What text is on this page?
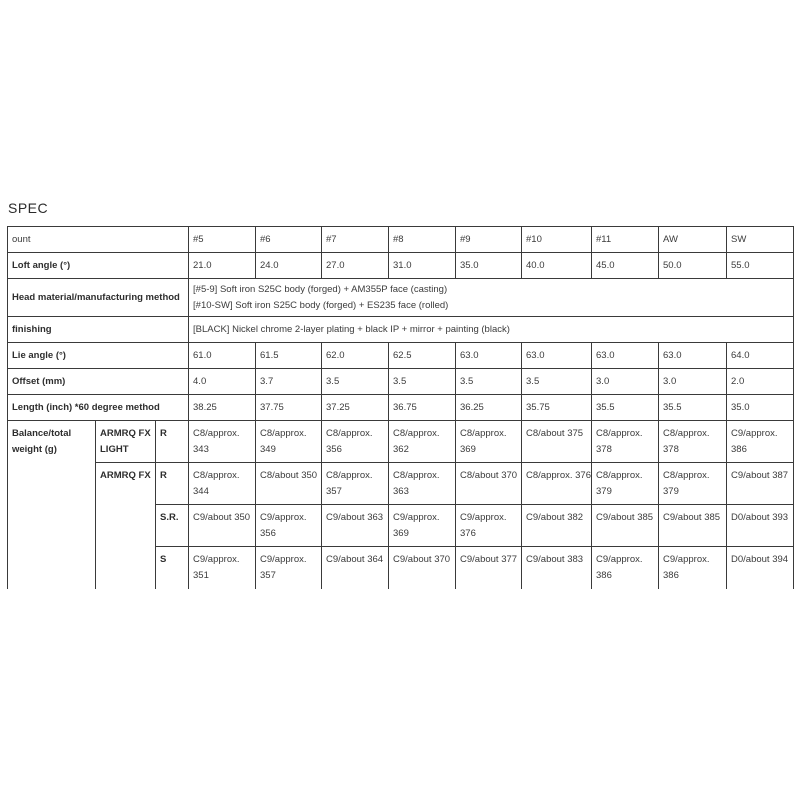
SPEC
ount			#5	#6	#7	#8	#9	#10	#11	AW	SW
Loft angle (°)			21.0	24.0	27.0	31.0	35.0	40.0	45.0	50.0	55.0
Head material/manufacturing method			[#5-9] Soft iron S25C body (forged) + AM355P face (casting)
[#10-SW] Soft iron S25C body (forged) + ES235 face (rolled)								

finishing			[BLACK] Nickel chrome 2-layer plating + black IP + mirror + painting (black)								
Lie angle (°)			61.0	61.5	62.0	62.5	63.0	63.0	63.0	63.0	64.0
Offset (mm)			4.0	3.7	3.5	3.5	3.5	3.5	3.0	3.0	2.0
Length (inch) *60 degree method			38.25	37.75	37.25	36.75	36.25	35.75	35.5	35.5	35.0
Balance/total weight (g)	ARMRQ FX LIGHT	R	C8/approx. 343	C8/approx. 349	C8/approx. 356	C8/approx. 362	C8/approx. 369	C8/about 375	C8/approx. 378	C8/approx. 378	C9/approx. 386
	ARMRQ FX	R	C8/approx. 344	C8/about 350	C8/approx. 357	C8/approx. 363	C8/about 370	C8/approx. 376	C8/approx. 379	C8/approx. 379	C9/about 387
		S.R.	C9/about 350	C9/approx. 356	C9/about 363	C9/approx. 369	C9/approx. 376	C9/about 382	C9/about 385	C9/about 385	D0/about 393
		S	C9/approx. 351	C9/approx. 357	C9/about 364	C9/about 370	C9/about 377	C9/about 383	C9/approx. 386	C9/approx. 386	D0/about 394
